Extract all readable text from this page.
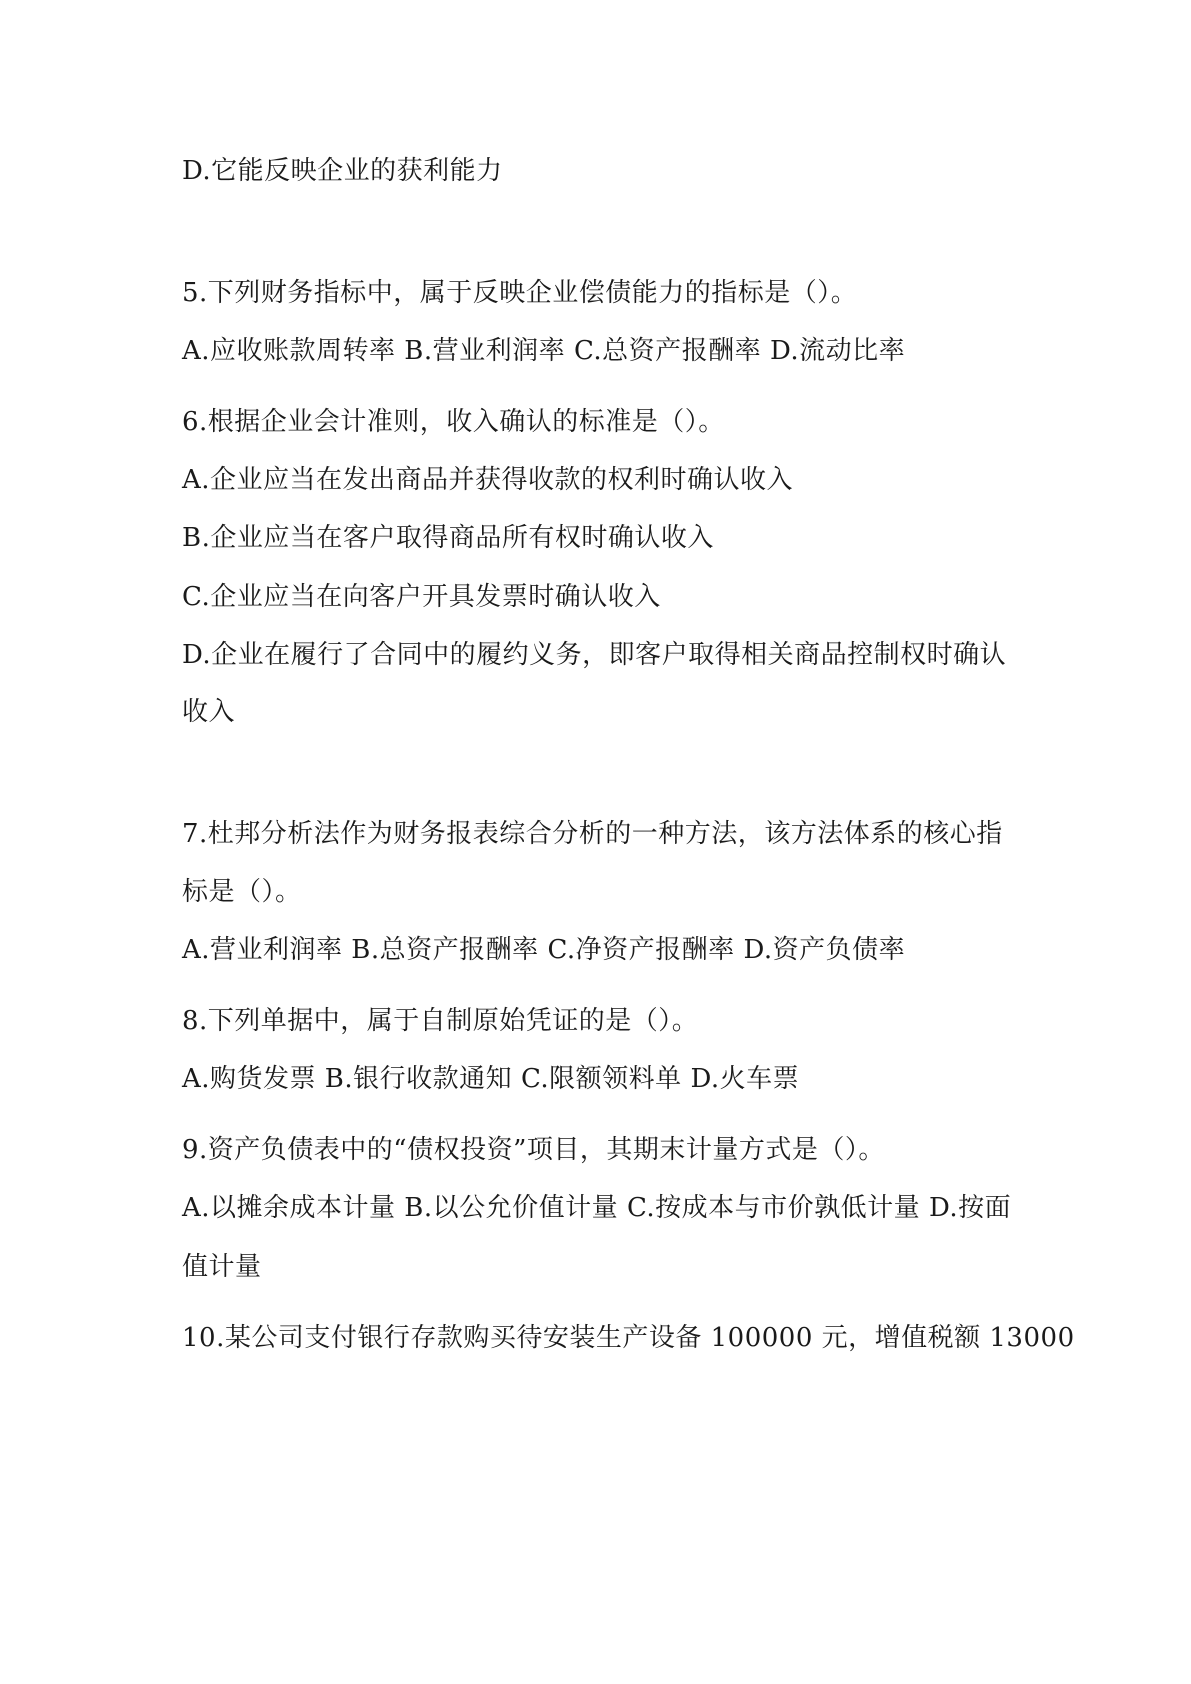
D.它能反映企业的获利能力
5.下列财务指标中，属于反映企业偿债能力的指标是（）。
A.应收账款周转率 B.营业利润率 C.总资产报酬率 D.流动比率
6.根据企业会计准则，收入确认的标准是（）。
A.企业应当在发出商品并获得收款的权利时确认收入
B.企业应当在客户取得商品所有权时确认收入
C.企业应当在向客户开具发票时确认收入
D.企业在履行了合同中的履约义务，即客户取得相关商品控制权时确认
收入
7.杜邦分析法作为财务报表综合分析的一种方法，该方法体系的核心指
标是（）。
A.营业利润率 B.总资产报酬率 C.净资产报酬率 D.资产负债率
8.下列单据中，属于自制原始凭证的是（）。
A.购货发票 B.银行收款通知 C.限额领料单 D.火车票
9.资产负债表中的“债权投资”项目，其期末计量方式是（）。
A.以摊余成本计量 B.以公允价值计量 C.按成本与市价孰低计量 D.按面
值计量
10.某公司支付银行存款购买待安装生产设备 100000 元，增值税额 13000
